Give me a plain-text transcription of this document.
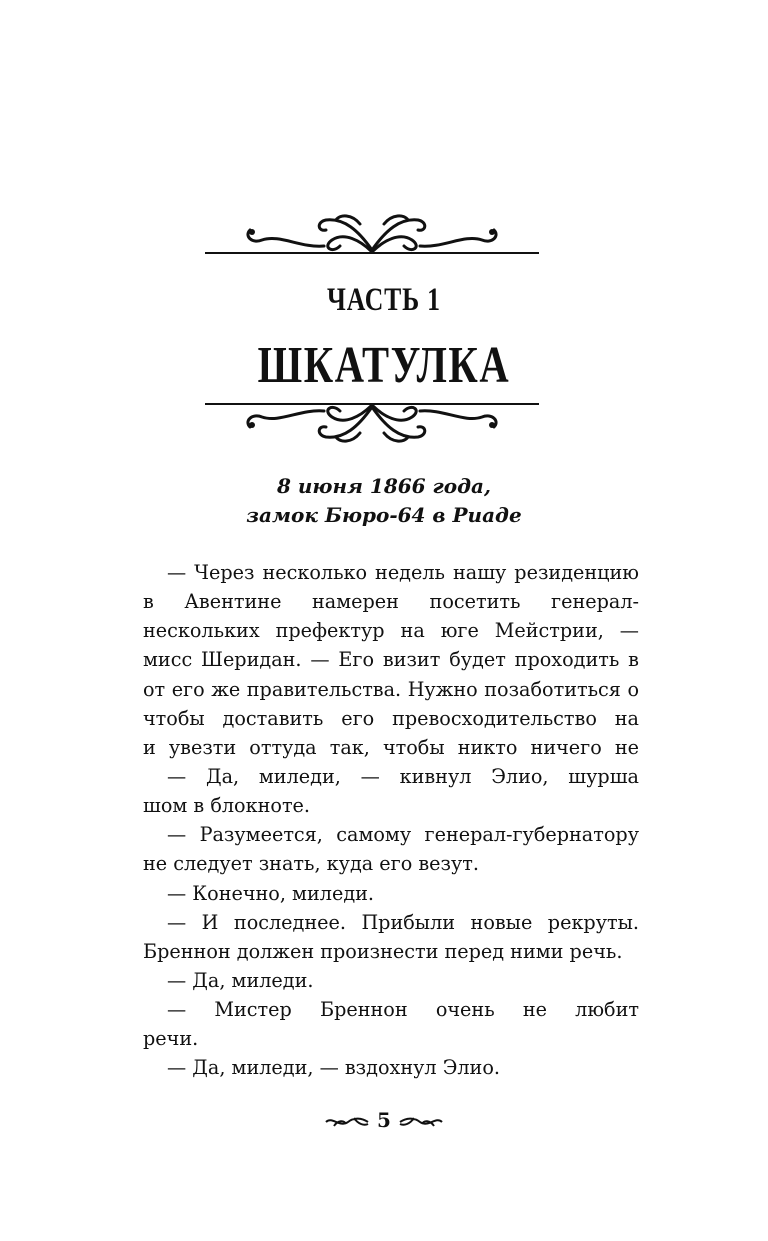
ЧАСТЬ 1
ШКАТУЛКА
8 июня 1866 года,
замок Бюро-64 в Риаде
— Через несколько недель нашу резиденцию
в Авентине намерен посетить генерал-
нескольких префектур на юге Мейстрии, —
мисс Шеридан. — Его визит будет проходить в
от его же правительства. Нужно позаботиться о
чтобы доставить его превосходительство на
и увезти оттуда так, чтобы никто ничего не
— Да, миледи, — кивнул Элио, шурша
шом в блокноте.
— Разумеется, самому генерал-губернатору
не следует знать, куда его везут.
— Конечно, миледи.
— И последнее. Прибыли новые рекруты.
Бреннон должен произнести перед ними речь.
— Да, миледи.
— Мистер Бреннон очень не любит
речи.
— Да, миледи, — вздохнул Элио.
5
